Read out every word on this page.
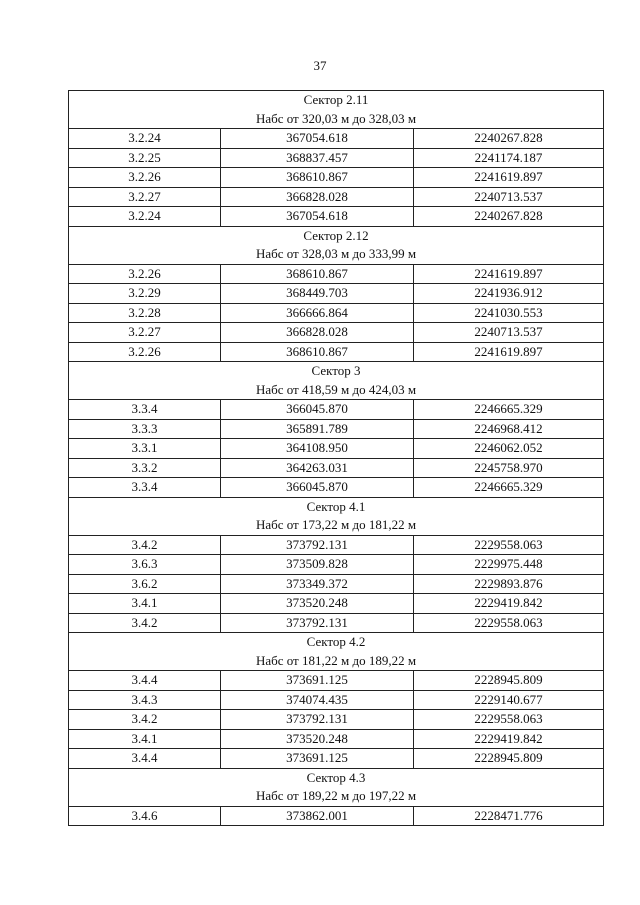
37
Сектор 2.11		
Набс от 320,03 м до 328,03 м		
3.2.24	367054.618	2240267.828
3.2.25	368837.457	2241174.187
3.2.26	368610.867	2241619.897
3.2.27	366828.028	2240713.537
3.2.24	367054.618	2240267.828
Сектор 2.12		
Набс от 328,03 м до 333,99 м		
3.2.26	368610.867	2241619.897
3.2.29	368449.703	2241936.912
3.2.28	366666.864	2241030.553
3.2.27	366828.028	2240713.537
3.2.26	368610.867	2241619.897
Сектор 3		
Набс от 418,59 м до 424,03 м		
3.3.4	366045.870	2246665.329
3.3.3	365891.789	2246968.412
3.3.1	364108.950	2246062.052
3.3.2	364263.031	2245758.970
3.3.4	366045.870	2246665.329
Сектор 4.1		
Набс от 173,22 м до 181,22 м		
3.4.2	373792.131	2229558.063
3.6.3	373509.828	2229975.448
3.6.2	373349.372	2229893.876
3.4.1	373520.248	2229419.842
3.4.2	373792.131	2229558.063
Сектор 4.2		
Набс от 181,22 м до 189,22 м		
3.4.4	373691.125	2228945.809
3.4.3	374074.435	2229140.677
3.4.2	373792.131	2229558.063
3.4.1	373520.248	2229419.842
3.4.4	373691.125	2228945.809
Сектор 4.3		
Набс от 189,22 м до 197,22 м		
3.4.6	373862.001	2228471.776
